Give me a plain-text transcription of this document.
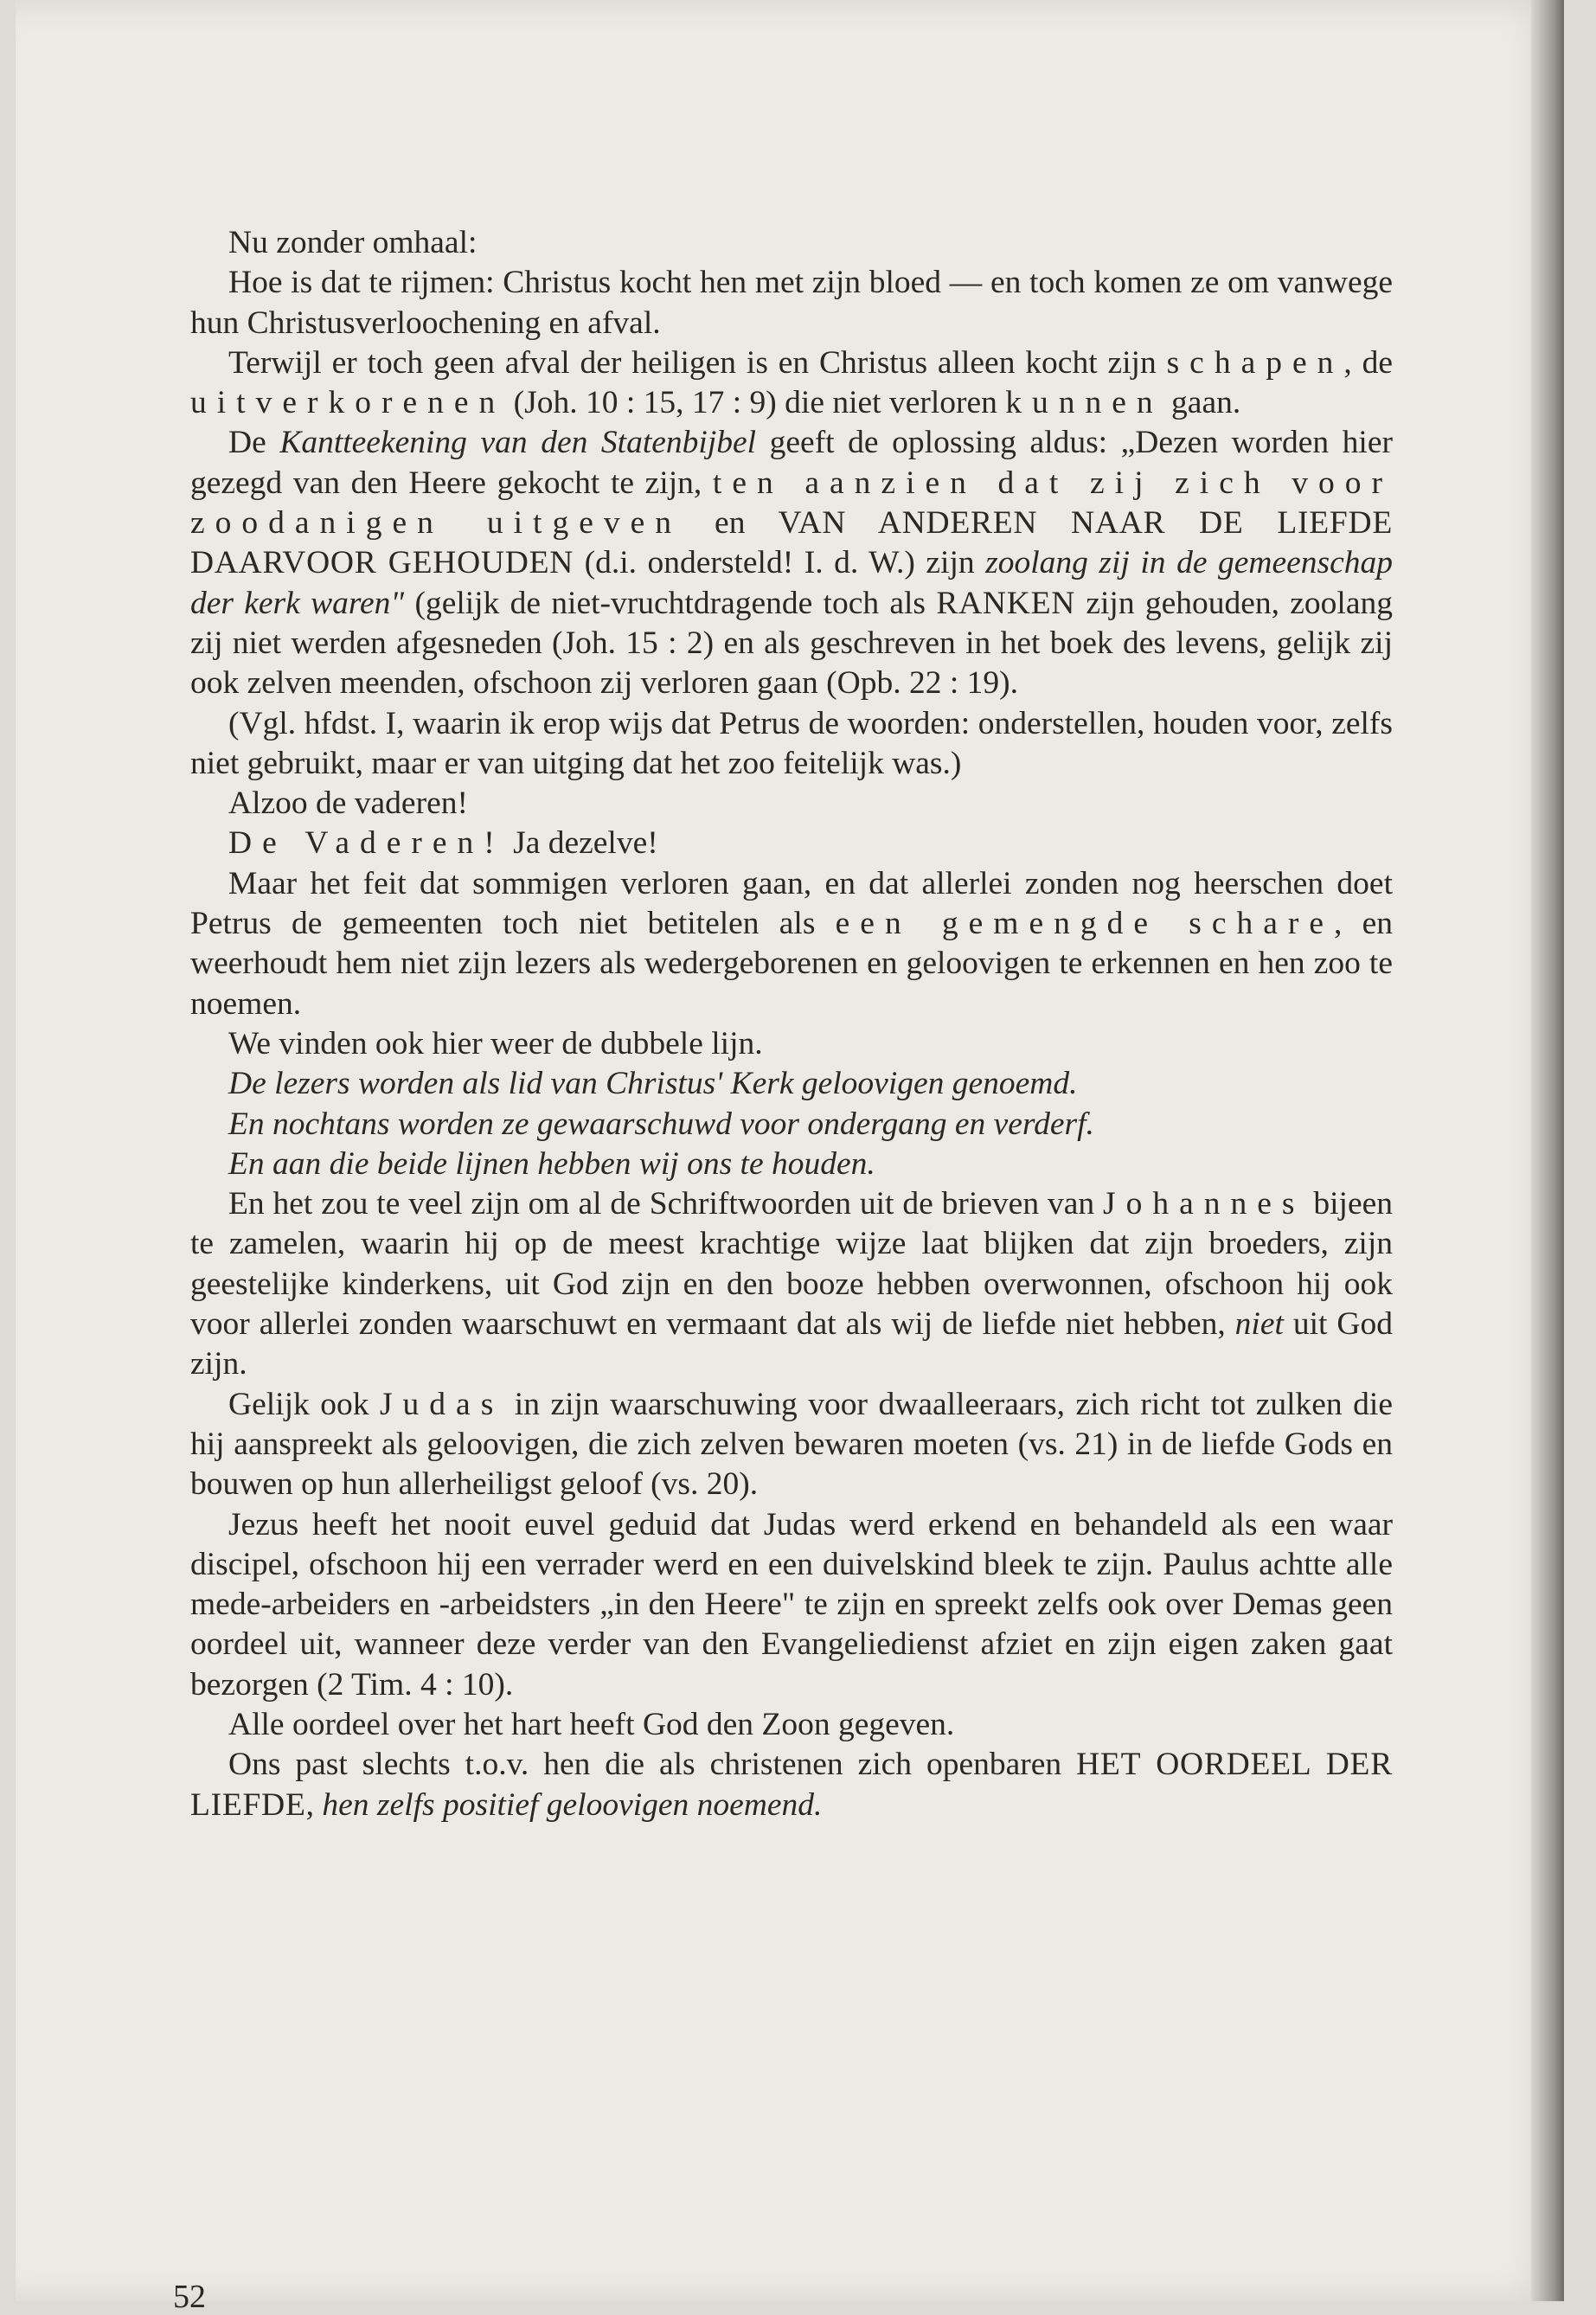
Nu zonder omhaal:

Hoe is dat te rijmen: Christus kocht hen met zijn bloed — en toch komen ze om vanwege hun Christusverloochening en afval.

Terwijl er toch geen afval der heiligen is en Christus alleen kocht zijn schapen, de uitverkorenen (Joh. 10 : 15, 17 : 9) die niet verloren kunnen gaan.

De Kantteekening van den Statenbijbel geeft de oplossing aldus: „Dezen worden hier gezegd van den Heere gekocht te zijn, ten aanzien dat zij zich voor zoodanigen uitgeven en VAN ANDEREN NAAR DE LIEFDE DAARVOOR GEHOUDEN (d.i. ondersteld! I. d. W.) zijn zoolang zij in de gemeenschap der kerk waren" (gelijk de niet-vruchtdragende toch als RANKEN zijn gehouden, zoolang zij niet werden afgesneden (Joh. 15 : 2) en als geschreven in het boek des levens, gelijk zij ook zelven meenden, ofschoon zij verloren gaan (Opb. 22 : 19).

(Vgl. hfdst. I, waarin ik erop wijs dat Petrus de woorden: onderstellen, houden voor, zelfs niet gebruikt, maar er van uitging dat het zoo feitelijk was.)

Alzoo de vaderen!

De Vaderen! Ja dezelve!

Maar het feit dat sommigen verloren gaan, en dat allerlei zonden nog heerschen doet Petrus de gemeenten toch niet betitelen als een gemengde schare, en weerhoudt hem niet zijn lezers als wedergeborenen en geloovigen te erkennen en hen zoo te noemen.

We vinden ook hier weer de dubbele lijn.

De lezers worden als lid van Christus' Kerk geloovigen genoemd.

En nochtans worden ze gewaarschuwd voor ondergang en verderf.

En aan die beide lijnen hebben wij ons te houden.

En het zou te veel zijn om al de Schriftwoorden uit de brieven van Johannes bijeen te zamelen, waarin hij op de meest krachtige wijze laat blijken dat zijn broeders, zijn geestelijke kinderkens, uit God zijn en den booze hebben overwonnen, ofschoon hij ook voor allerlei zonden waarschuwt en vermaant dat als wij de liefde niet hebben, niet uit God zijn.

Gelijk ook Judas in zijn waarschuwing voor dwaalleeraars, zich richt tot zulken die hij aanspreekt als geloovigen, die zich zelven bewaren moeten (vs. 21) in de liefde Gods en bouwen op hun allerheiligst geloof (vs. 20).

Jezus heeft het nooit euvel geduid dat Judas werd erkend en behandeld als een waar discipel, ofschoon hij een verrader werd en een duivelskind bleek te zijn. Paulus achtte alle mede-arbeiders en -arbeidsters „in den Heere" te zijn en spreekt zelfs ook over Demas geen oordeel uit, wanneer deze verder van den Evangeliedienst afziet en zijn eigen zaken gaat bezorgen (2 Tim. 4 : 10).

Alle oordeel over het hart heeft God den Zoon gegeven.

Ons past slechts t.o.v. hen die als christenen zich openbaren HET OORDEEL DER LIEFDE, hen zelfs positief geloovigen noemend.

52
